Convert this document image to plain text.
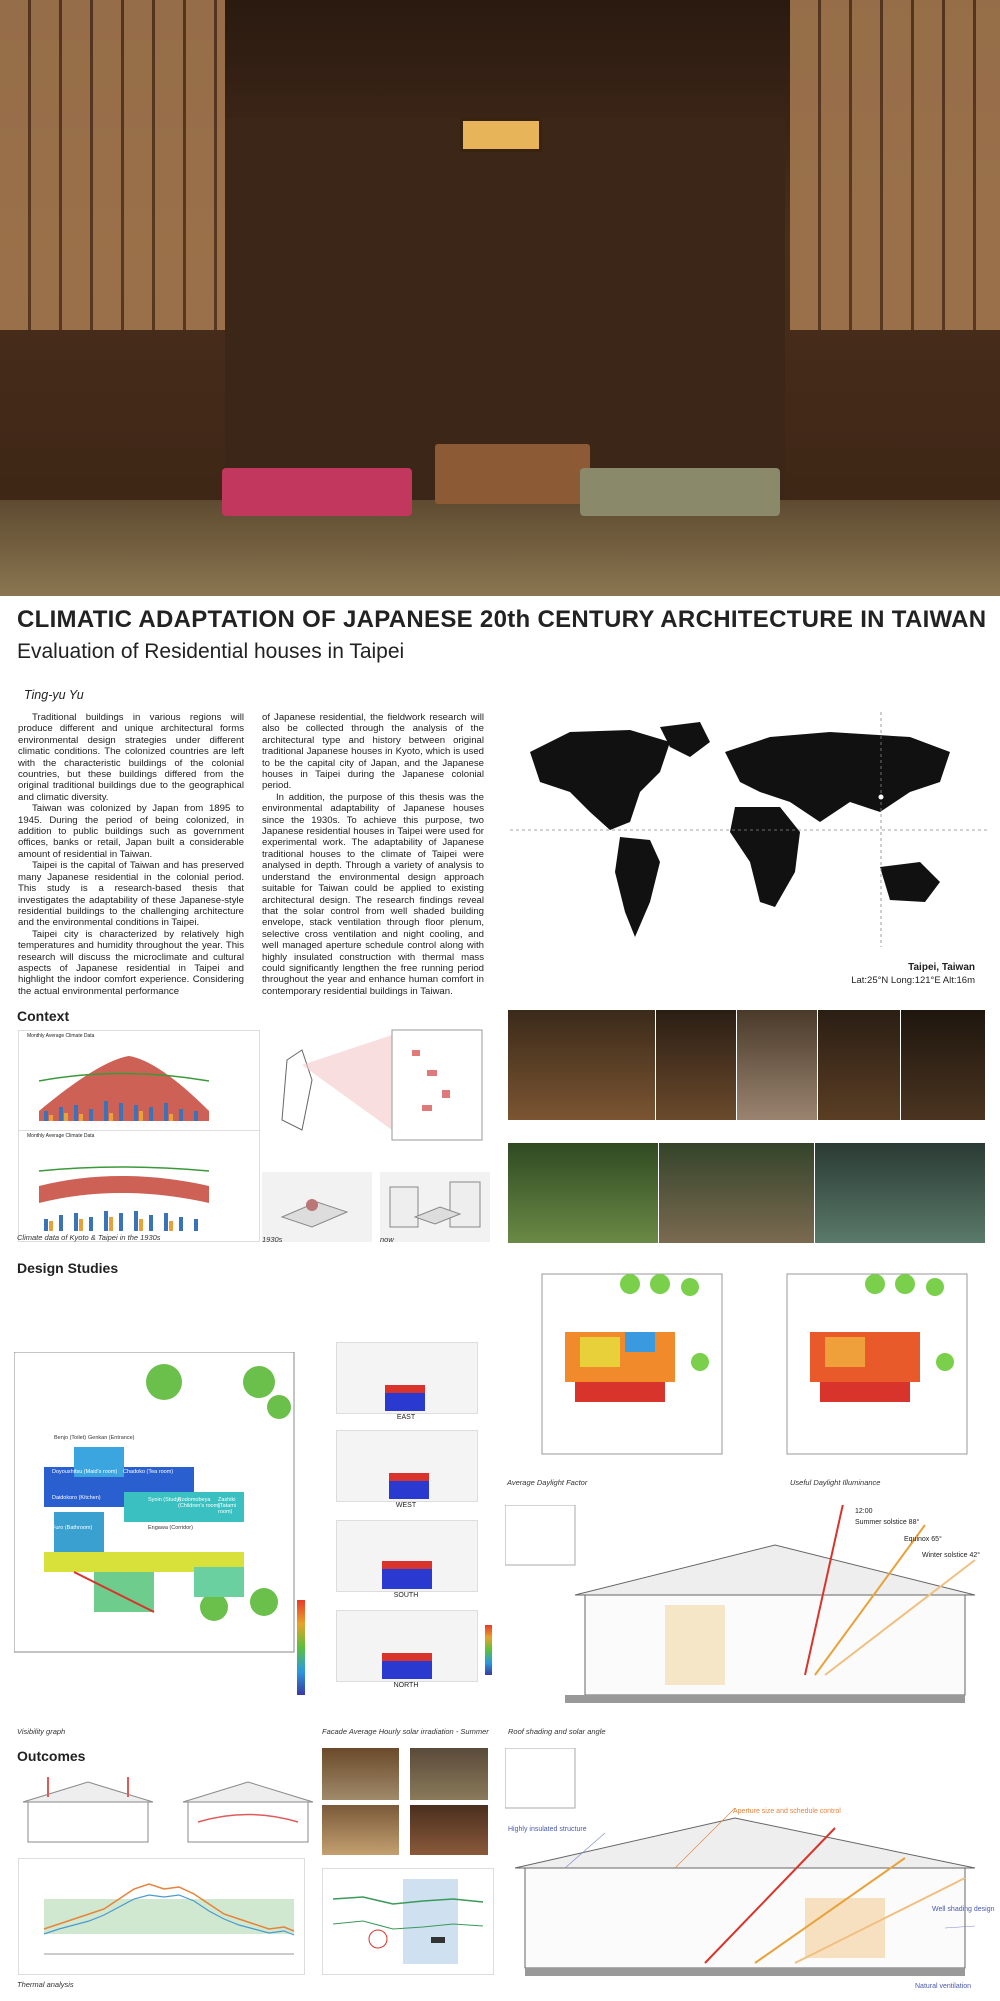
CLIMATIC ADAPTATION OF JAPANESE 20th CENTURY ARCHITECTURE IN TAIWAN
Evaluation of Residential houses in Taipei
Ting-yu Yu

Traditional buildings in various regions will produce different and unique architectural forms environmental design strategies under different climatic conditions. The colonized countries are left with the characteristic buildings of the colonial countries, but these buildings differed from the original traditional buildings due to the geographical and climatic diversity.

Taiwan was colonized by Japan from 1895 to 1945. During the period of being colonized, in addition to public buildings such as government offices, banks or retail, Japan built a considerable amount of residential in Taiwan.

Taipei is the capital of Taiwan and has preserved many Japanese residential in the colonial period. This study is a research-based thesis that investigates the adaptability of these Japanese-style residential buildings to the challenging architecture and the environmental conditions in Taipei.

Taipei city is characterized by relatively high temperatures and humidity throughout the year. This research will discuss the microclimate and cultural aspects of Japanese residential in Taipei and highlight the indoor comfort experience. Considering the actual environmental performance

of Japanese residential, the fieldwork research will also be collected through the analysis of the architectural type and history between original traditional Japanese houses in Kyoto, which is used to be the capital city of Japan, and the Japanese houses in Taipei during the Japanese colonial period.

In addition, the purpose of this thesis was the environmental adaptability of Japanese houses since the 1930s. To achieve this purpose, two Japanese residential houses in Taipei were used for experimental work. The adaptability of Japanese traditional houses to the climate of Taipei were analysed in depth. Through a variety of analysis to understand the environmental design approach suitable for Taiwan could be applied to existing architectural design. The research findings reveal that the solar control from well shaded building envelope, stack ventilation through floor plenum, selective cross ventilation and night cooling, and well managed aperture schedule control along with highly insulated construction with thermal mass could significantly lengthen the free running period throughout the year and enhance human comfort in contemporary residential buildings in Taiwan.

Taipei, Taiwan
Lat:25°N Long:121°E Alt:16m
Context
Monthly Average Climate Data
Monthly Average Climate Data
Climate data of Kyoto & Taipei in the 1930s	1930s	now
Design Studies
Benjo (Toilet) Genkan (Entrance)
Doyoushitsu (Maid's room) Chadoko (Tea room)
Daidokoro (Kitchen)	Syoin (Study)
Kodomobeya (Children's room)
Zashiki (Tatami room)
Furo (Bathroom)	Engawa (Corridor)
Visibility graph
EAST
WEST
SOUTH
NORTH
Facade Average Hourly solar irradiation - Summer
Average Daylight Factor	Useful Daylight Illuminance
12:00
Summer solstice 88°
Equinox 65°
Winter solstice 42°
Roof shading and solar angle
Outcomes
Thermal analysis
Aperture size and schedule control
Highly insulated structure
Well shading design
Natural ventilation
